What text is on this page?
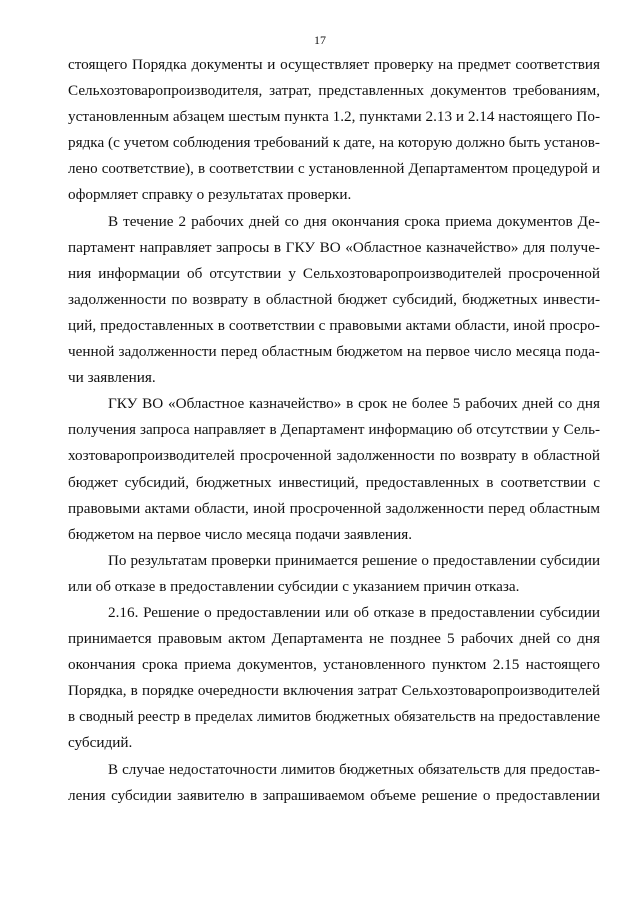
17
стоящего Порядка документы и осуществляет проверку на предмет соответствия
Сельхозтоваропроизводителя, затрат, представленных документов требованиям,
установленным абзацем шестым пункта 1.2, пунктами 2.13 и 2.14 настоящего По-
рядка (с учетом соблюдения требований к дате, на которую должно быть установ-
лено соответствие), в соответствии с установленной Департаментом процедурой и
оформляет справку о результатах проверки.
В течение 2 рабочих дней со дня окончания срока приема документов Де-
партамент направляет запросы в ГКУ ВО «Областное казначейство» для получе-
ния информации об отсутствии у Сельхозтоваропроизводителей просроченной
задолженности по возврату в областной бюджет субсидий, бюджетных инвести-
ций, предоставленных в соответствии с правовыми актами области, иной просро-
ченной задолженности перед областным бюджетом на первое число месяца пода-
чи заявления.
ГКУ ВО «Областное казначейство» в срок не более 5 рабочих дней со дня
получения запроса направляет в Департамент информацию об отсутствии у Сель-
хозтоваропроизводителей просроченной задолженности по возврату в областной
бюджет субсидий, бюджетных инвестиций, предоставленных в соответствии с
правовыми актами области, иной просроченной задолженности перед областным
бюджетом на первое число месяца подачи заявления.
По результатам проверки принимается решение о предоставлении субсидии
или об отказе в предоставлении субсидии с указанием причин отказа.
2.16. Решение о предоставлении или об отказе в предоставлении субсидии
принимается правовым актом Департамента не позднее 5 рабочих дней со дня
окончания срока приема документов, установленного пунктом 2.15 настоящего
Порядка, в порядке очередности включения затрат Сельхозтоваропроизводителей
в сводный реестр в пределах лимитов бюджетных обязательств на предоставление
субсидий.
В случае недостаточности лимитов бюджетных обязательств для предостав-
ления субсидии заявителю в запрашиваемом объеме решение о предоставлении
